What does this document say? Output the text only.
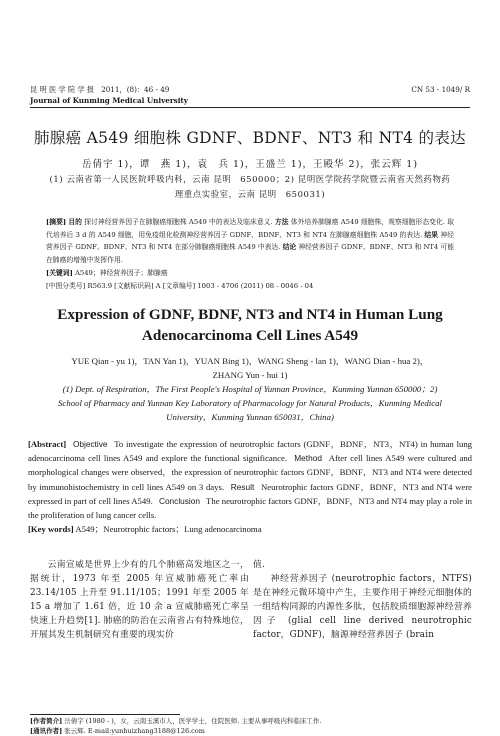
昆 明 医 学 院 学 报　2011，(8)：46 - 49
Journal of Kunming Medical University
CN 53 - 1049/ R
肺腺癌 A549 细胞株 GDNF、BDNF、NT3 和 NT4 的表达
岳倩宇 1)，谭　燕 1)，袁　兵 1)，王盛兰 1)，王殿华 2)，张云辉 1)
(1) 云南省第一人民医院呼吸内科，云南 昆明　650000；2) 昆明医学院药学院暨云南省天然药物药
理重点实验室，云南 昆明　650031)
[摘要] 目的 探讨神经营养因子在肺腺癌细胞株 A549 中的表达及临床意义. 方法 体外培养肺腺癌 A549 细胞株，观察细胞形态变化. 取代培养后 3 d 的 A549 细胞，用免疫组化检测神经营养因子 GDNF、BDNF、NT3 和 NT4 在肺腺癌细胞株 A549 的表达. 结果 神经营养因子 GDNF、BDNF、NT3 和 NT4 在部分肺腺癌细胞株 A549 中表达. 结论 神经营养因子 GDNF、BDNF、NT3 和 NT4 可能在肺癌的增殖中发挥作用.
[关键词] A549；神经营养因子；肺腺癌
[中图分类号] R563.9 [文献标识码] A [文章编号] 1003 - 4706 (2011) 08 - 0046 - 04
Expression of GDNF, BDNF, NT3 and NT4 in Human Lung
Adenocarcinoma Cell Lines A549
YUE Qian - yu 1)，TAN Yan 1)，YUAN Bing 1)，WANG Sheng - lan 1)，WANG Dian - hua 2)，
ZHANG Yun - hui 1)
(1) Dept. of Respiration，The First People's Hospital of Yunnan Province，Kunming Yunnan 650000；2)
School of Pharmacy and Yunnan Key Laboratory of Pharmacology for Natural Products，Kunming Medical
University，Kunming Yunnan 650031，China)
[Abstract] Objective To investigate the expression of neurotrophic factors (GDNF，BDNF，NT3，NT4) in human lung adenocarcinoma cell lines A549 and explore the functional significance. Method After cell lines A549 were cultured and morphological changes were observed，the expression of neurotrophic factors GDNF，BDNF，NT3 and NT4 were detected by immunohistochemistry in cell lines A549 on 3 days. Result Neurotrophic factors GDNF，BDNF，NT3 and NT4 were expressed in part of cell lines A549. Conclusion The neurotrophic factors GDNF，BDNF，NT3 and NT4 may play a role in the proliferation of lung cancer cells.
[Key words] A549；Neurotrophic factors；Lung adenocarcinoma

云南宣威是世界上少有的几个肺癌高发地区之一，据统计，1973 年至 2005 年宣威肺癌死亡率由 23.14/105 上升至 91.11/105；1991 年至 2005 年 15 a 增加了 1.61 倍，近 10 余 a 宣威肺癌死亡率呈快速上升趋势[1]. 肺癌的防治在云南省占有特殊地位，开展其发生机制研究有重要的现实价

值.

神经营养因子 (neurotrophic factors，NTFS) 是在神经元微环境中产生，主要作用于神经元细胞体的一组结构同源的内源性多肽，包括胶质细胞源神经营养因子 (glial cell line derived neurotrophic factor，GDNF)，脑源神经营养因子 (brain

[作者简介] 岳倩宇 (1980 - )，女，云南玉溪市人，医学学士，住院医师. 主要从事呼吸内科临床工作.
[通讯作者] 张云辉. E-mail:yunhuizhang3188@126.com
